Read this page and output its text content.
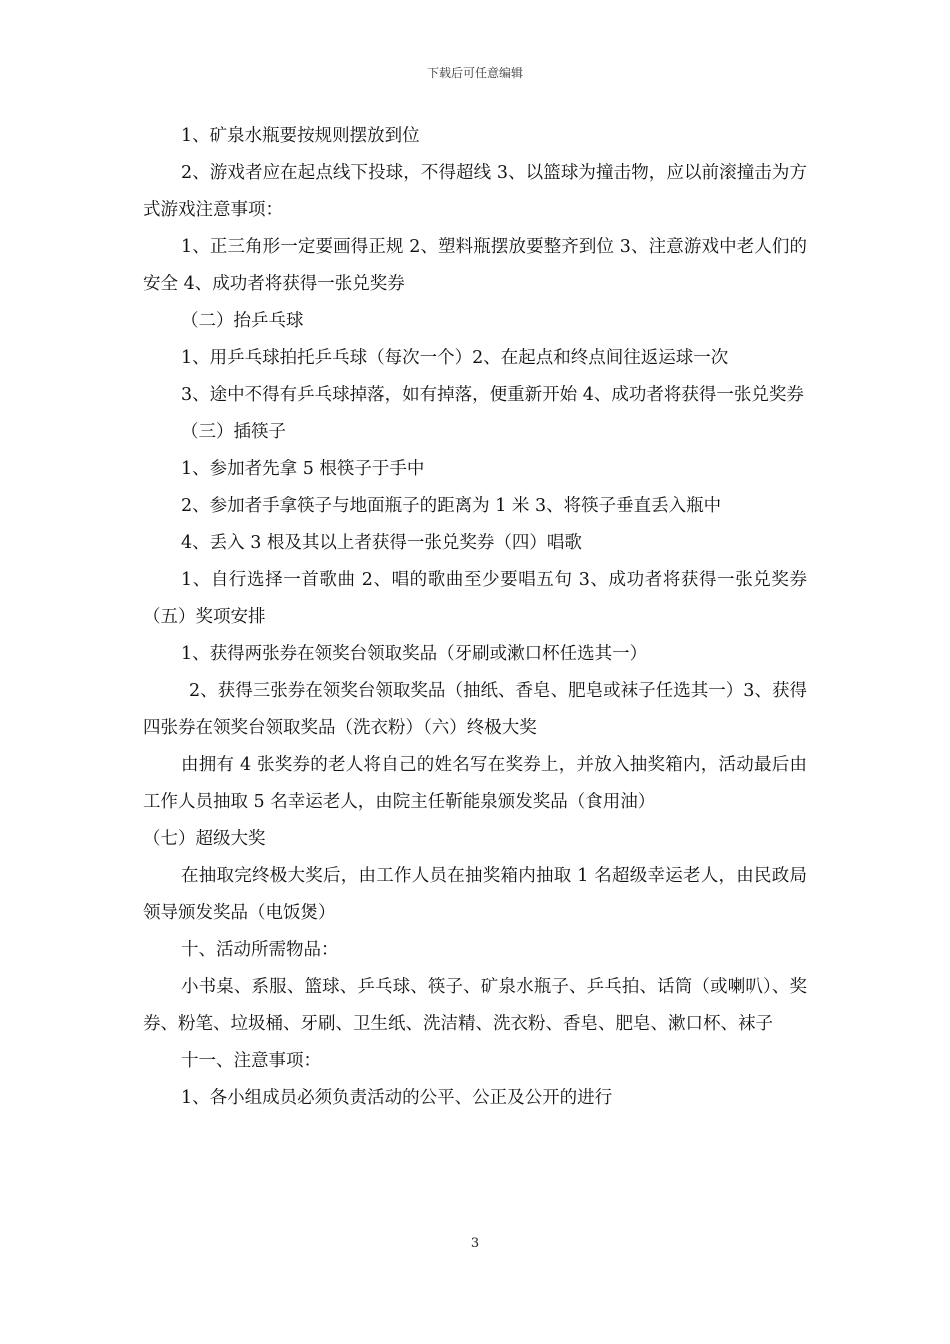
下载后可任意编辑

1、矿泉水瓶要按规则摆放到位

2、游戏者应在起点线下投球，不得超线 3、以篮球为撞击物，应以前滚撞击为方式游戏注意事项：

1、正三角形一定要画得正规 2、塑料瓶摆放要整齐到位 3、注意游戏中老人们的安全 4、成功者将获得一张兑奖券

（二）抬乒乓球

1、用乒乓球拍托乒乓球（每次一个）2、在起点和终点间往返运球一次

3、途中不得有乒乓球掉落，如有掉落，便重新开始 4、成功者将获得一张兑奖券

（三）插筷子

1、参加者先拿 5 根筷子于手中

2、参加者手拿筷子与地面瓶子的距离为 1 米 3、将筷子垂直丢入瓶中

4、丢入 3 根及其以上者获得一张兑奖券（四）唱歌

1、自行选择一首歌曲 2、唱的歌曲至少要唱五句 3、成功者将获得一张兑奖券（五）奖项安排

1、获得两张券在领奖台领取奖品（牙刷或漱口杯任选其一）

2、获得三张券在领奖台领取奖品（抽纸、香皂、肥皂或袜子任选其一）3、获得四张券在领奖台领取奖品（洗衣粉）（六）终极大奖

由拥有 4 张奖券的老人将自己的姓名写在奖券上，并放入抽奖箱内，活动最后由工作人员抽取 5 名幸运老人，由院主任靳能泉颁发奖品（食用油）

（七）超级大奖

在抽取完终极大奖后，由工作人员在抽奖箱内抽取 1 名超级幸运老人，由民政局领导颁发奖品（电饭煲）

十、活动所需物品：

小书桌、系服、篮球、乒乓球、筷子、矿泉水瓶子、乒乓拍、话筒（或喇叭）、奖券、粉笔、垃圾桶、牙刷、卫生纸、洗洁精、洗衣粉、香皂、肥皂、漱口杯、袜子

十一、注意事项：

1、各小组成员必须负责活动的公平、公正及公开的进行

3
